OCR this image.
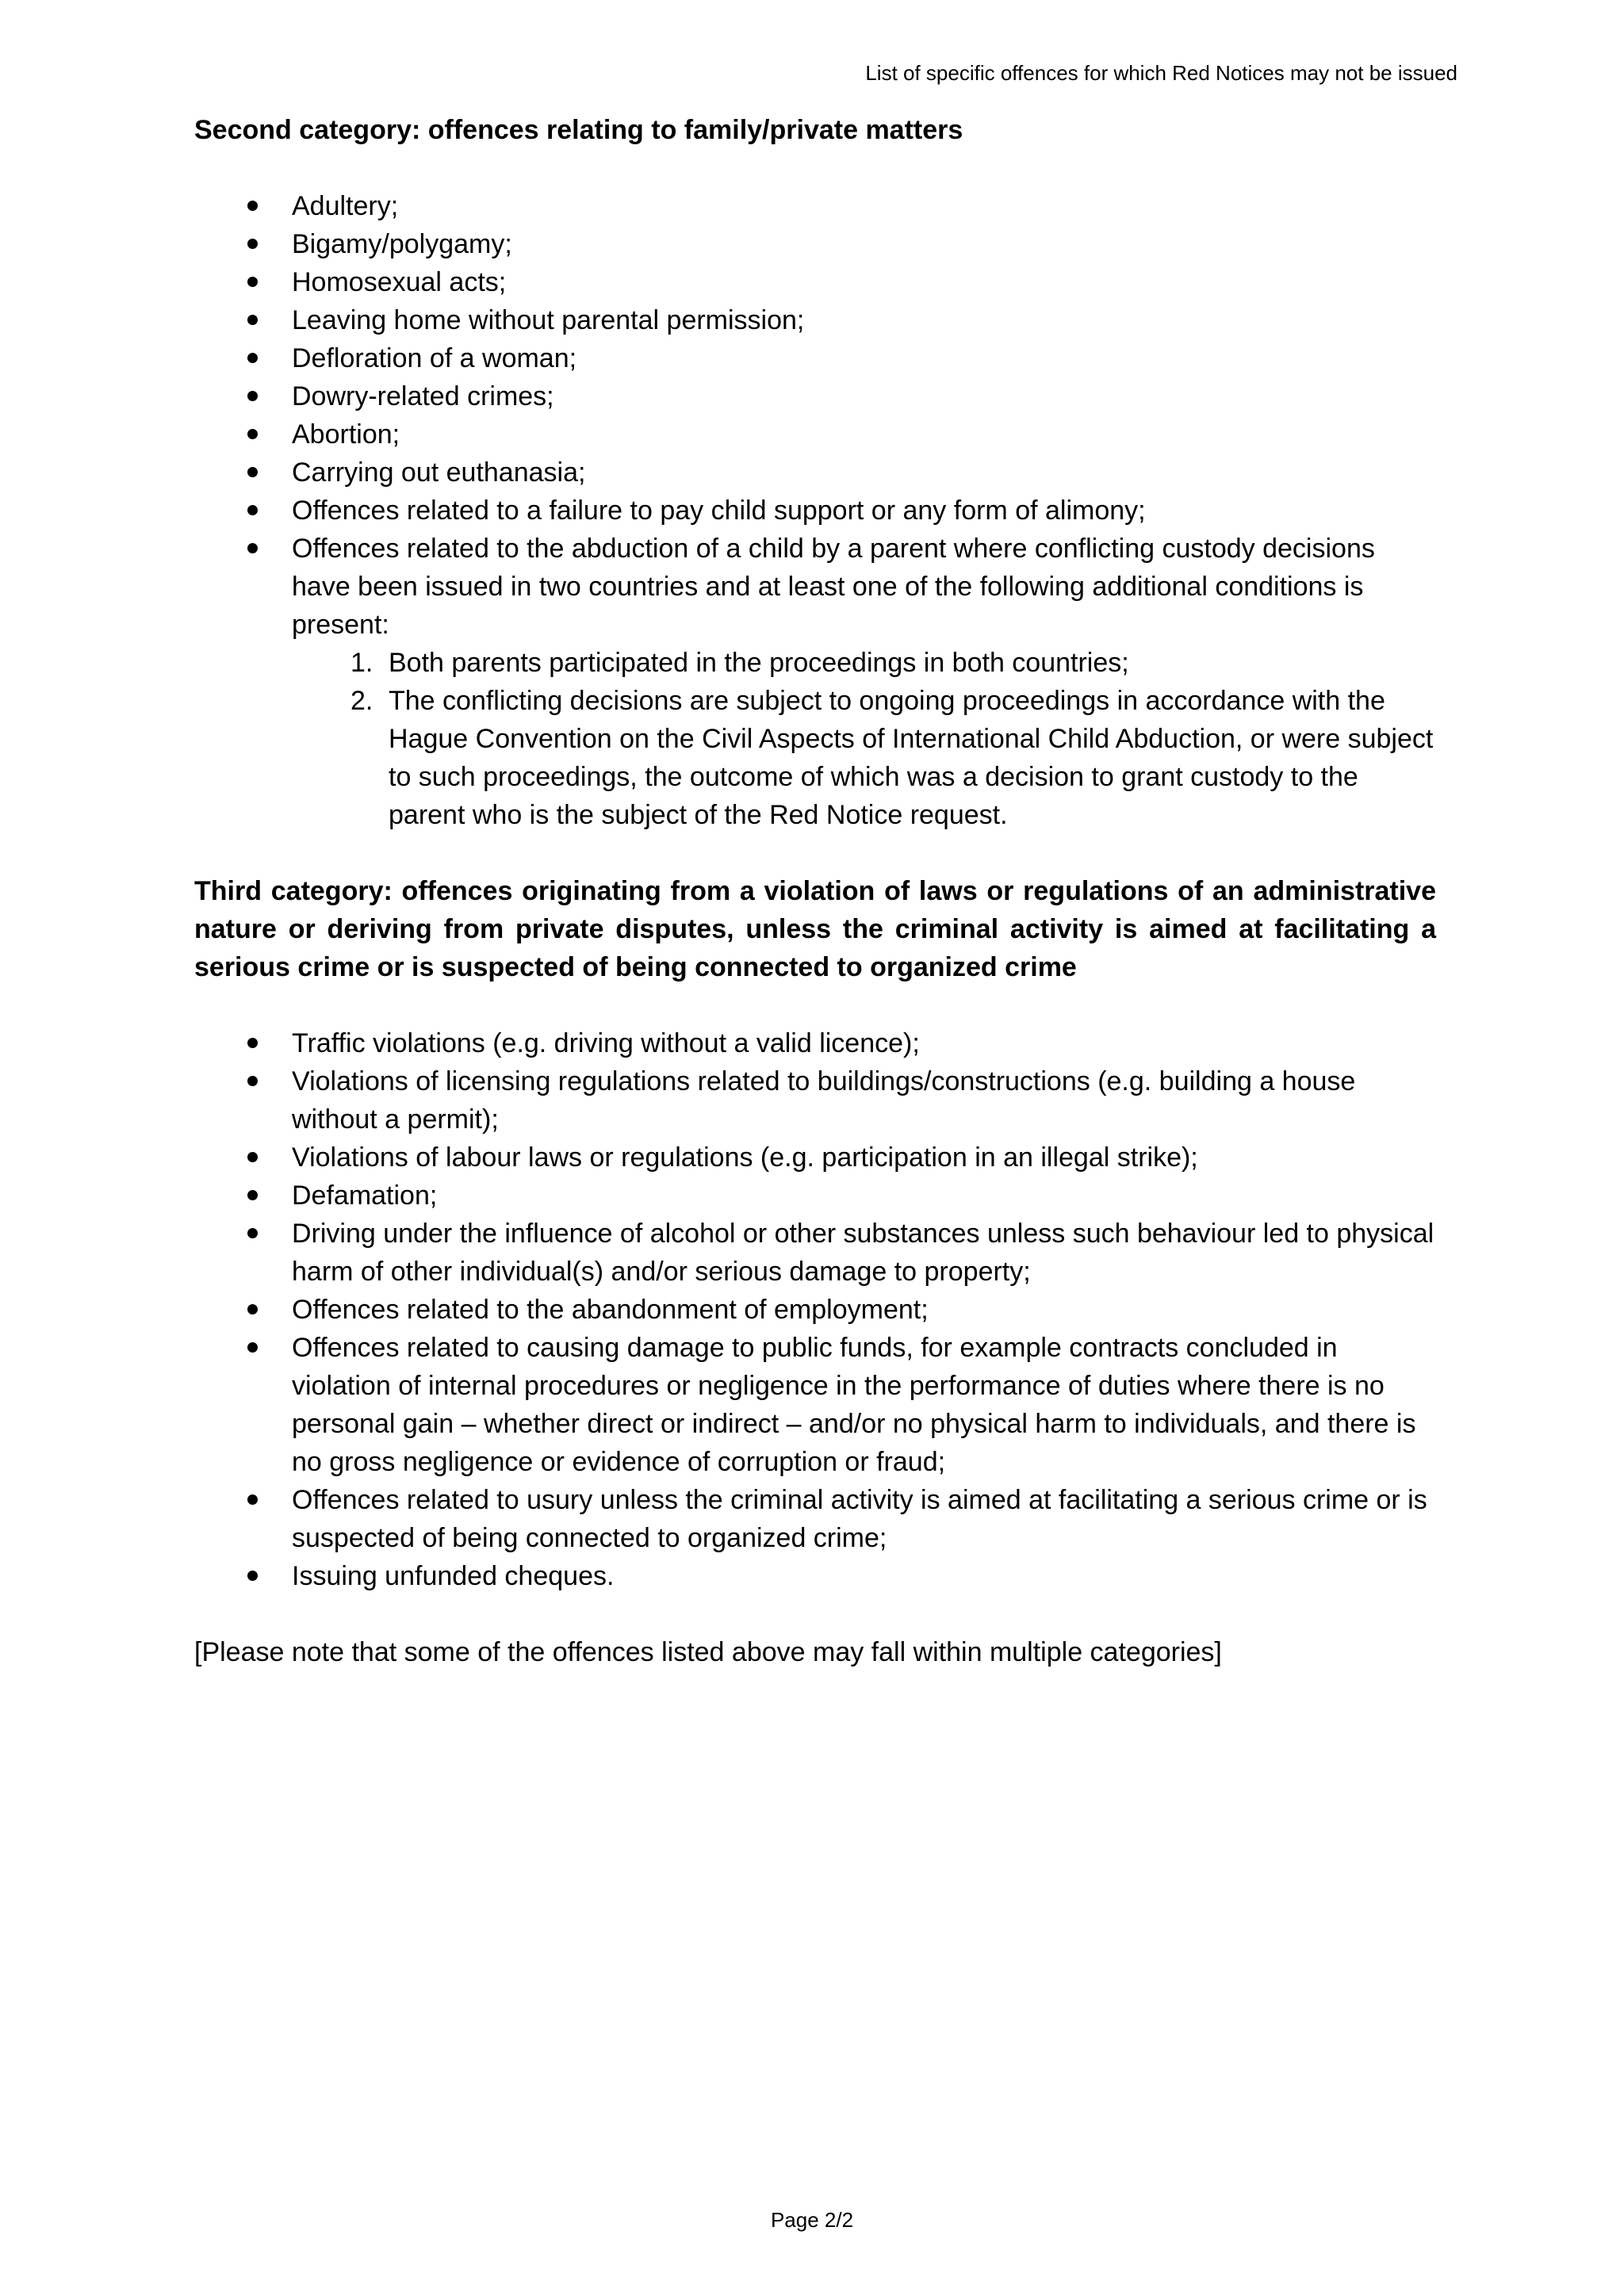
List of specific offences for which Red Notices may not be issued

Second category: offences relating to family/private matters

Adultery;
Bigamy/polygamy;
Homosexual acts;
Leaving home without parental permission;
Defloration of a woman;
Dowry-related crimes;
Abortion;
Carrying out euthanasia;
Offences related to a failure to pay child support or any form of alimony;
Offences related to the abduction of a child by a parent where conflicting custody decisions have been issued in two countries and at least one of the following additional conditions is present:
1. Both parents participated in the proceedings in both countries;
2. The conflicting decisions are subject to ongoing proceedings in accordance with the Hague Convention on the Civil Aspects of International Child Abduction, or were subject to such proceedings, the outcome of which was a decision to grant custody to the parent who is the subject of the Red Notice request.

Third category: offences originating from a violation of laws or regulations of an administrative nature or deriving from private disputes, unless the criminal activity is aimed at facilitating a serious crime or is suspected of being connected to organized crime

Traffic violations (e.g. driving without a valid licence);
Violations of licensing regulations related to buildings/constructions (e.g. building a house without a permit);
Violations of labour laws or regulations (e.g. participation in an illegal strike);
Defamation;
Driving under the influence of alcohol or other substances unless such behaviour led to physical harm of other individual(s) and/or serious damage to property;
Offences related to the abandonment of employment;
Offences related to causing damage to public funds, for example contracts concluded in violation of internal procedures or negligence in the performance of duties where there is no personal gain – whether direct or indirect – and/or no physical harm to individuals, and there is no gross negligence or evidence of corruption or fraud;
Offences related to usury unless the criminal activity is aimed at facilitating a serious crime or is suspected of being connected to organized crime;
Issuing unfunded cheques.

[Please note that some of the offences listed above may fall within multiple categories]

Page 2/2
